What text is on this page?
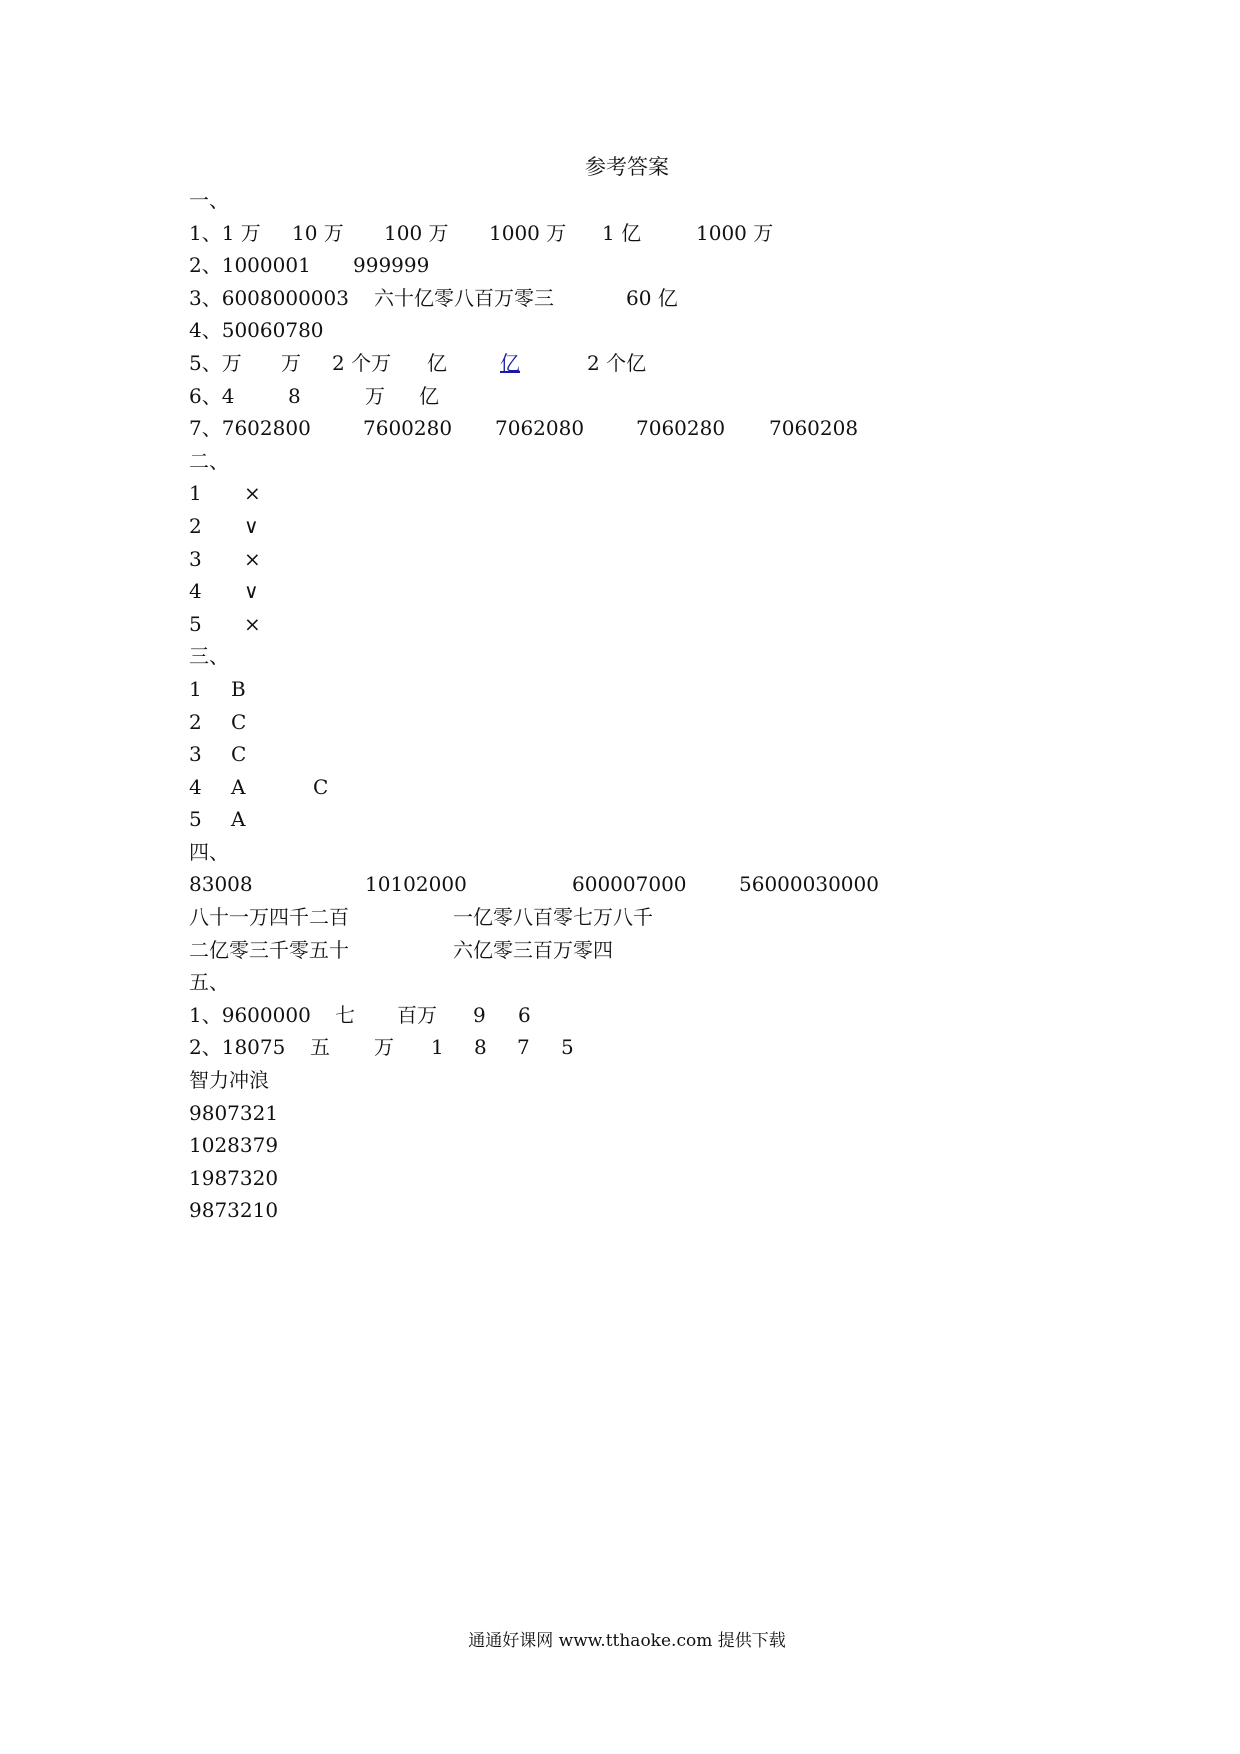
参考答案
一、
1、1 万 10 万 100 万 1000 万 1 亿	1000 万
2、1000001 999999
3、6008000003 六十亿零八百万零三	60 亿
4、50060780
5、万 万 2 个万 亿	亿	2 个亿
6、4	8	万 亿
7、7602800	7600280 7062080	7060280 7060208
二、
1 ×
2 ∨
3 ×
4 ∨
5 ×
三、
1 B
2 C
3 C
4 A	C
5 A
四、
83008	10102000	600007000	56000030000
八十一万四千二百	一亿零八百零七万八千
二亿零三千零五十	六亿零三百万零四
五、
1、9600000 七 百万 9 6
2、18075 五 万 1 8 7 5
智力冲浪
9807321
1028379
1987320
9873210
通通好课网 www.tthaoke.com 提供下载
